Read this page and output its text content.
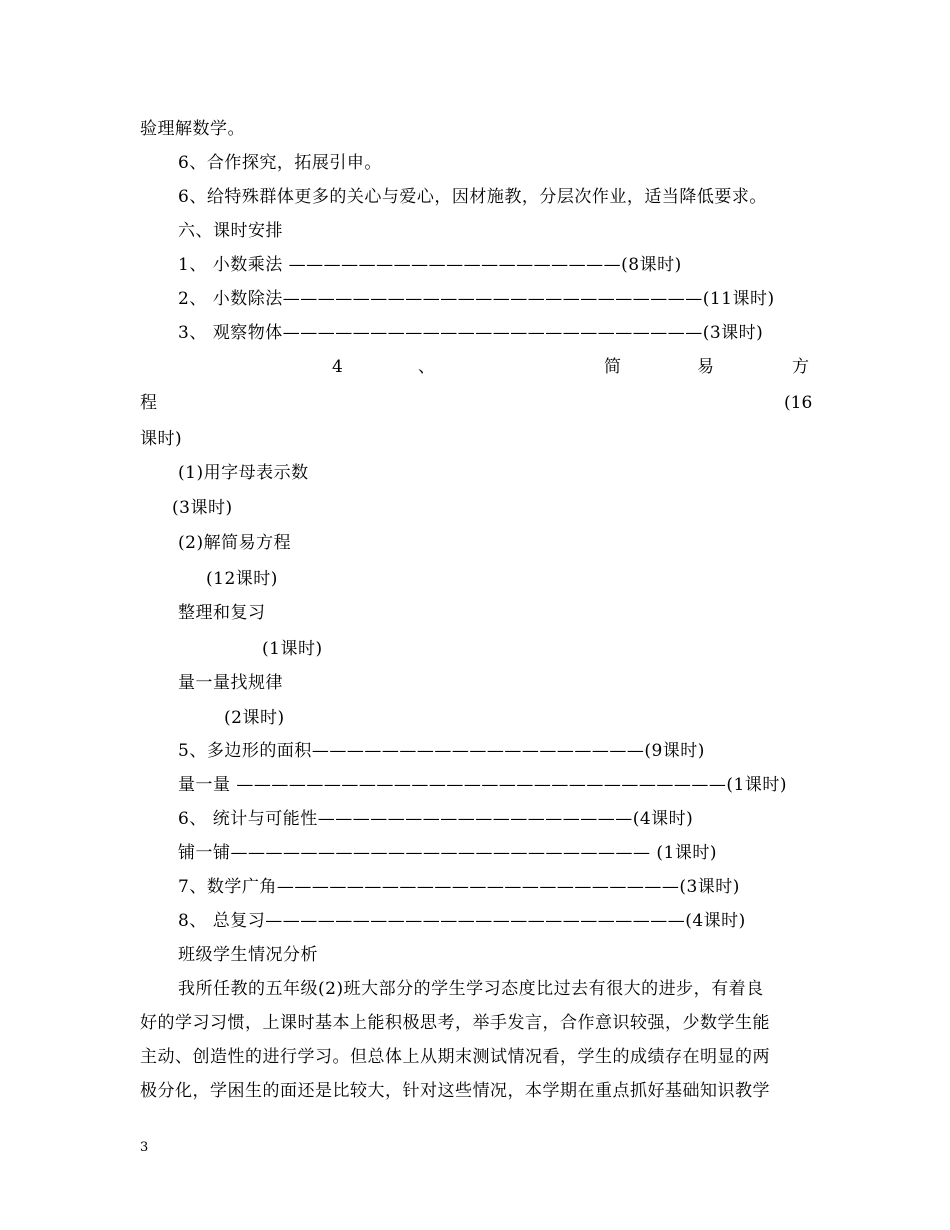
验理解数学。
6、合作探究，拓展引申。
6、给特殊群体更多的关心与爱心，因材施教，分层次作业，适当降低要求。
六、课时安排
1、 小数乘法 ———————————————————(8课时)
2、 小数除法————————————————————————(11课时)
3、 观察物体————————————————————————(3课时)
4	、	简	易	方
程	(16
课时)
(1)用字母表示数
(3课时)
(2)解简易方程
(12课时)
整理和复习
(1课时)
量一量找规律
(2课时)
5、多边形的面积———————————————————(9课时)
量一量 ————————————————————————————(1课时)
6、 统计与可能性——————————————————(4课时)
铺一铺———————————————————————— (1课时)
7、数学广角———————————————————————(3课时)
8、 总复习————————————————————————(4课时)
班级学生情况分析
我所任教的五年级(2)班大部分的学生学习态度比过去有很大的进步，有着良
好的学习习惯，上课时基本上能积极思考，举手发言，合作意识较强，少数学生能
主动、创造性的进行学习。但总体上从期末测试情况看，学生的成绩存在明显的两
极分化，学困生的面还是比较大，针对这些情况，本学期在重点抓好基础知识教学
3
